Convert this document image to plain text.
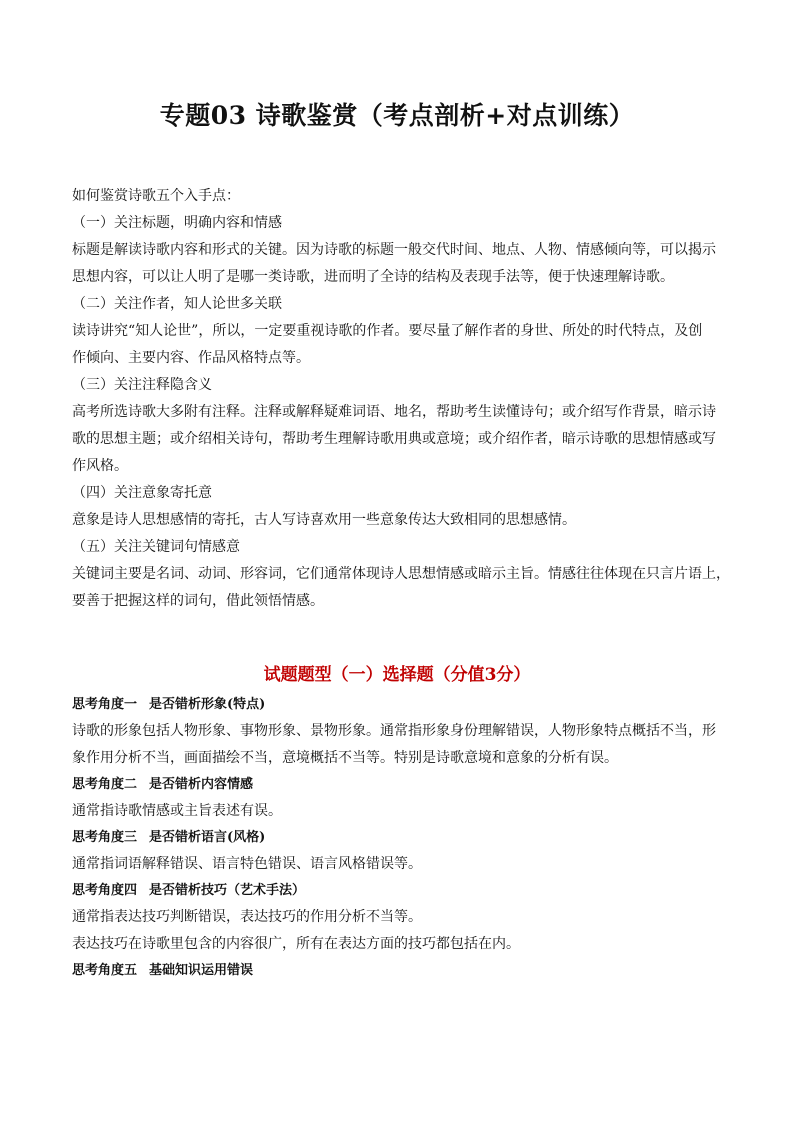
专题03 诗歌鉴赏（考点剖析+对点训练）

如何鉴赏诗歌五个入手点：

（一）关注标题，明确内容和情感

标题是解读诗歌内容和形式的关键。因为诗歌的标题一般交代时间、地点、人物、情感倾向等，可以揭示

思想内容，可以让人明了是哪一类诗歌，进而明了全诗的结构及表现手法等，便于快速理解诗歌。

（二）关注作者，知人论世多关联

读诗讲究“知人论世”，所以，一定要重视诗歌的作者。要尽量了解作者的身世、所处的时代特点，及创

作倾向、主要内容、作品风格特点等。

（三）关注注释隐含义

高考所选诗歌大多附有注释。注释或解释疑难词语、地名，帮助考生读懂诗句；或介绍写作背景，暗示诗

歌的思想主题；或介绍相关诗句，帮助考生理解诗歌用典或意境；或介绍作者，暗示诗歌的思想情感或写

作风格。

（四）关注意象寄托意

意象是诗人思想感情的寄托，古人写诗喜欢用一些意象传达大致相同的思想感情。

（五）关注关键词句情感意

关键词主要是名词、动词、形容词，它们通常体现诗人思想情感或暗示主旨。情感往往体现在只言片语上，

要善于把握这样的词句，借此领悟情感。

试题题型（一）选择题（分值3分）

思考角度一 是否错析形象(特点)

诗歌的形象包括人物形象、事物形象、景物形象。通常指形象身份理解错误，人物形象特点概括不当，形

象作用分析不当，画面描绘不当，意境概括不当等。特别是诗歌意境和意象的分析有误。

思考角度二 是否错析内容情感

通常指诗歌情感或主旨表述有误。

思考角度三 是否错析语言(风格)

通常指词语解释错误、语言特色错误、语言风格错误等。

思考角度四 是否错析技巧（艺术手法）

通常指表达技巧判断错误，表达技巧的作用分析不当等。

表达技巧在诗歌里包含的内容很广，所有在表达方面的技巧都包括在内。

思考角度五 基础知识运用错误
